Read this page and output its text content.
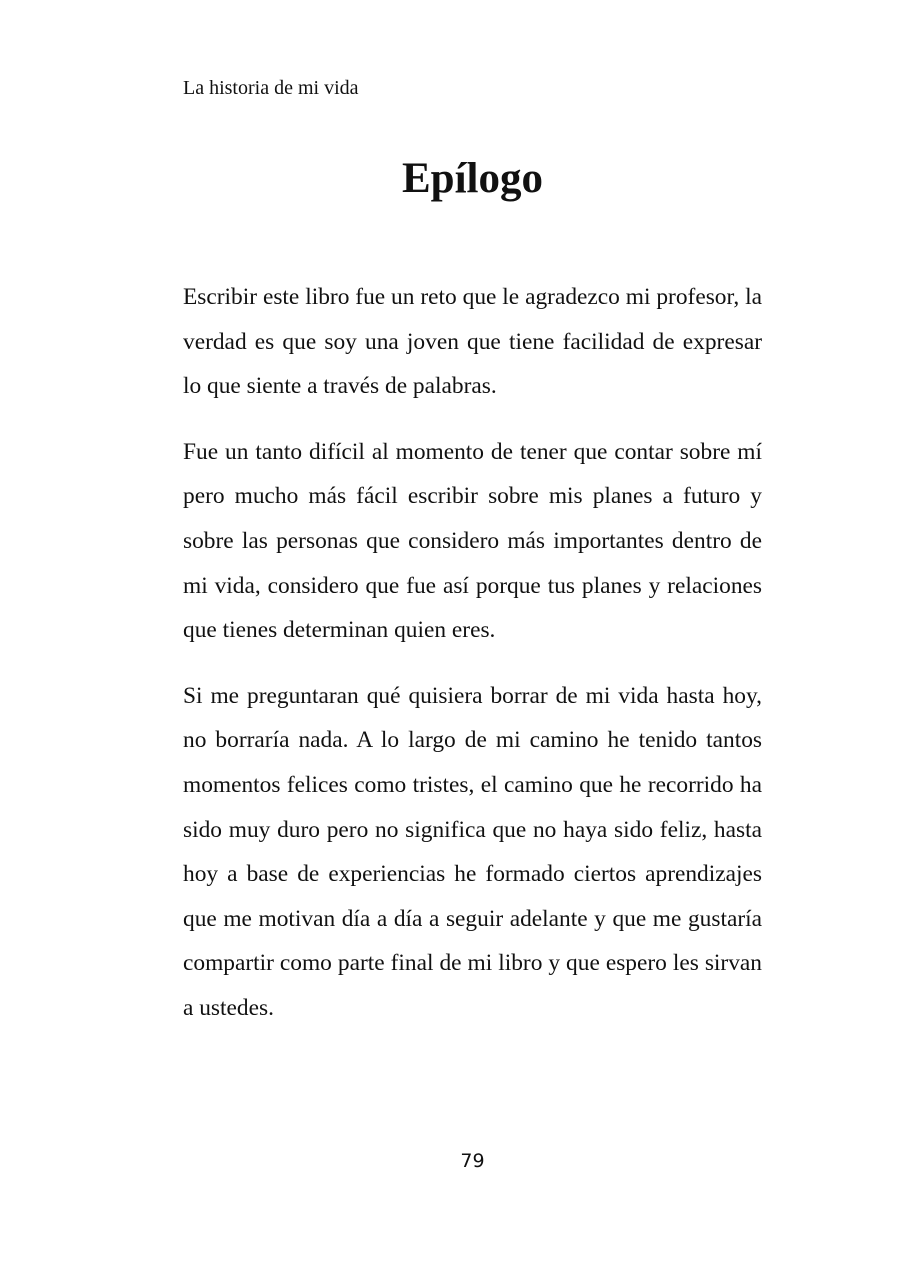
La historia de mi vida

Epílogo

Escribir este libro fue un reto que le agradezco mi profesor, la verdad es que soy una joven que tiene facilidad de expresar lo que siente a través de palabras.

Fue un tanto difícil al momento de tener que contar sobre mí pero mucho más fácil escribir sobre mis planes a futuro y sobre las personas que considero más importantes dentro de mi vida, considero que fue así porque tus planes y relaciones que tienes determinan quien eres.

Si me preguntaran qué quisiera borrar de mi vida hasta hoy, no borraría nada. A lo largo de mi camino he tenido tantos momentos felices como tristes, el camino que he recorrido ha sido muy duro pero no significa que no haya sido feliz, hasta hoy a base de experiencias he formado ciertos aprendizajes que me motivan día a día a seguir adelante y que me gustaría compartir como parte final de mi libro y que espero les sirvan a ustedes.

79
